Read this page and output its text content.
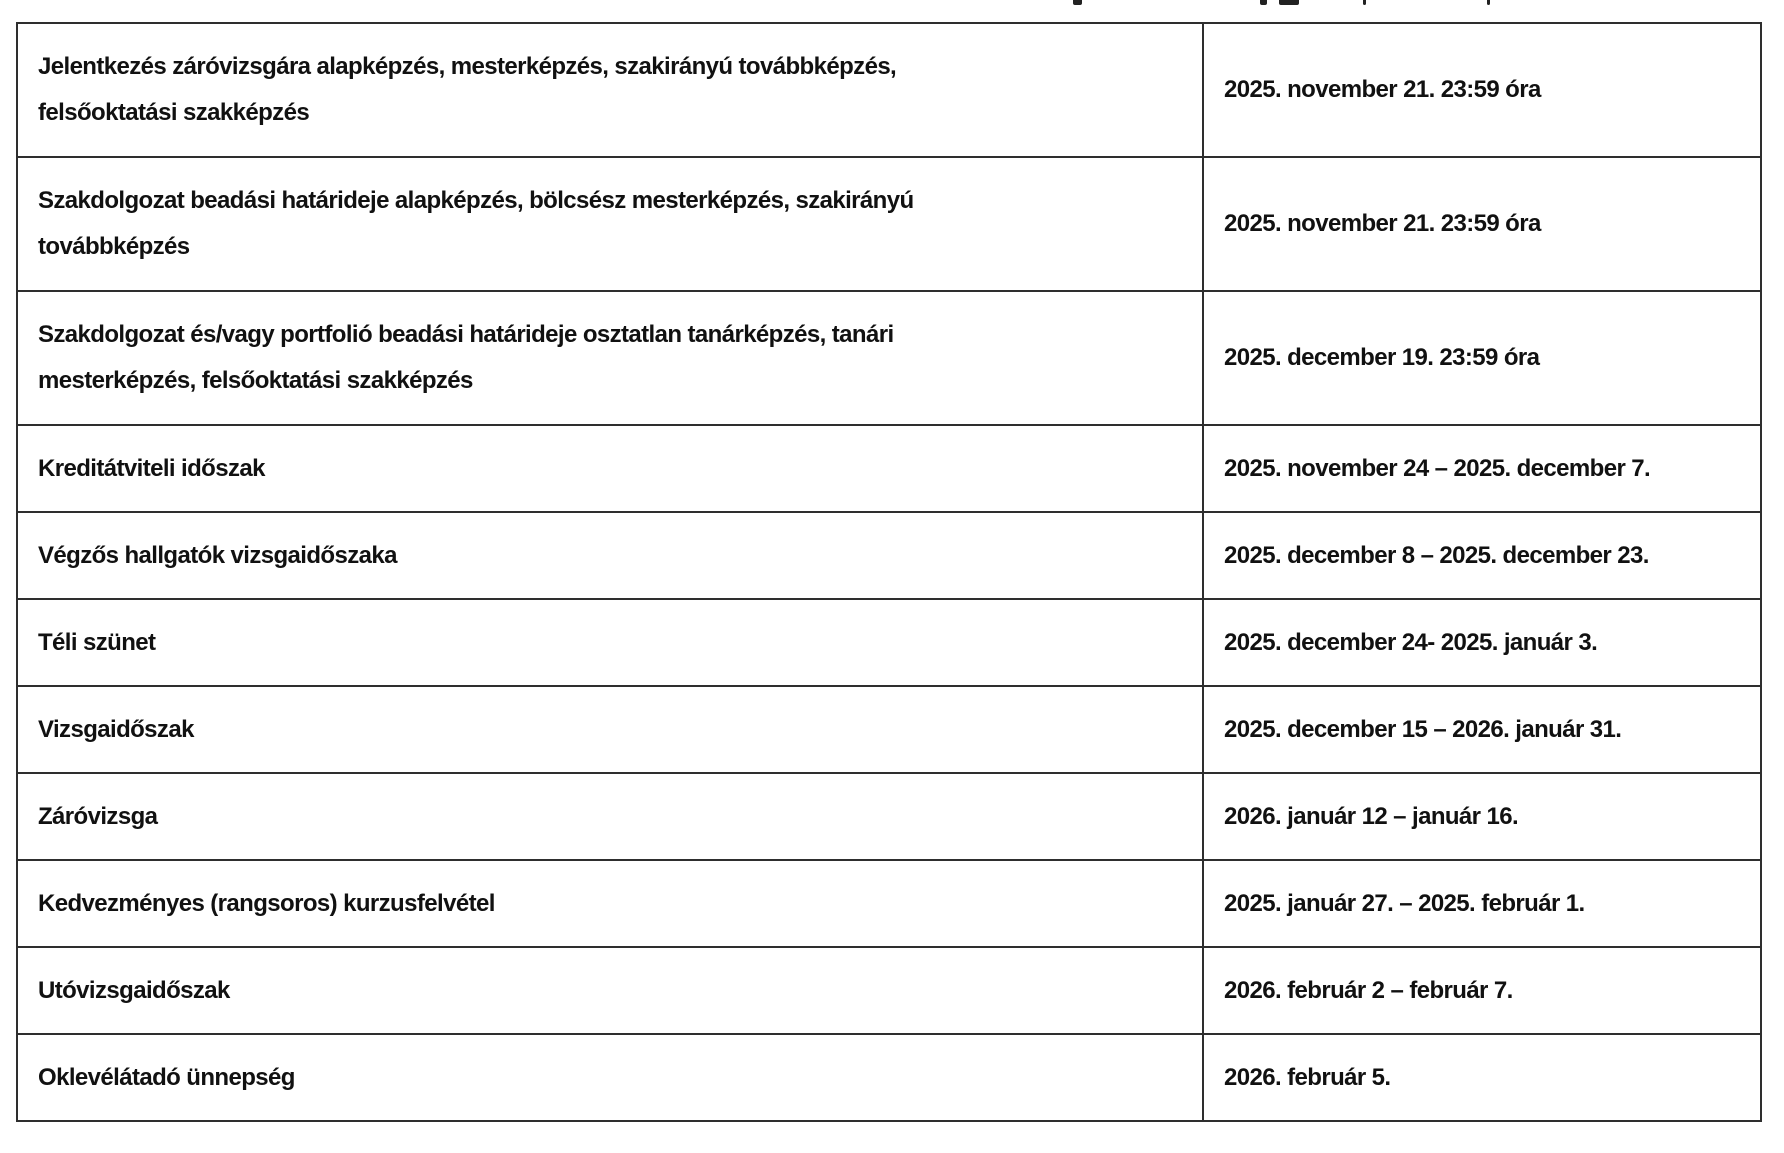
Jelentkezés záróvizsgára alapképzés, mesterképzés, szakirányú továbbképzés,
felsőoktatási szakképzés	2025. november 21. 23:59 óra

Szakdolgozat beadási határideje alapképzés, bölcsész mesterképzés, szakirányú
továbbképzés	2025. november 21. 23:59 óra

Szakdolgozat és/vagy portfolió beadási határideje osztatlan tanárképzés, tanári
mesterképzés, felsőoktatási szakképzés	2025. december 19. 23:59 óra
Kreditátviteli időszak	2025. november 24 – 2025. december 7.
Végzős hallgatók vizsgaidőszaka	2025. december 8 – 2025. december 23.
Téli szünet	2025. december 24- 2025. január 3.
Vizsgaidőszak	2025. december 15 – 2026. január 31.
Záróvizsga	2026. január 12 – január 16.
Kedvezményes (rangsoros) kurzusfelvétel	2025. január 27. – 2025. február 1.
Utóvizsgaidőszak	2026. február 2 – február 7.
Oklevélátadó ünnepség	2026. február 5.
